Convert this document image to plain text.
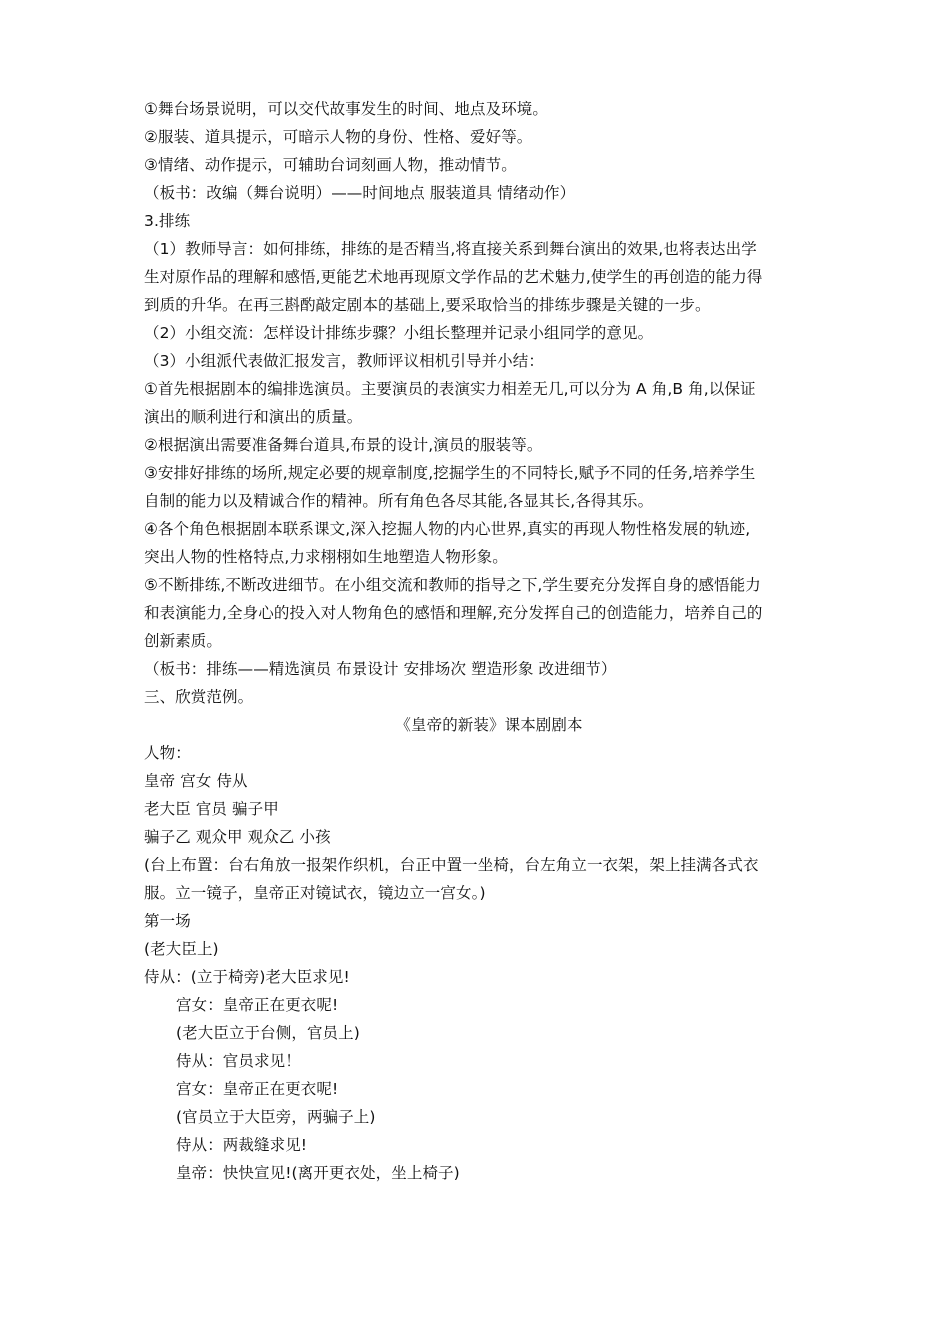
①舞台场景说明，可以交代故事发生的时间、地点及环境。
②服装、道具提示，可暗示人物的身份、性格、爱好等。
③情绪、动作提示，可辅助台词刻画人物，推动情节。
（板书：改编（舞台说明）——时间地点 服装道具 情绪动作）
3.排练
（1）教师导言：如何排练，排练的是否精当,将直接关系到舞台演出的效果,也将表达出学
生对原作品的理解和感悟,更能艺术地再现原文学作品的艺术魅力,使学生的再创造的能力得
到质的升华。在再三斟酌敲定剧本的基础上,要采取恰当的排练步骤是关键的一步。
（2）小组交流：怎样设计排练步骤？小组长整理并记录小组同学的意见。
（3）小组派代表做汇报发言，教师评议相机引导并小结：
①首先根据剧本的编排选演员。主要演员的表演实力相差无几,可以分为 A 角,B 角,以保证
演出的顺利进行和演出的质量。
②根据演出需要准备舞台道具,布景的设计,演员的服装等。
③安排好排练的场所,规定必要的规章制度,挖掘学生的不同特长,赋予不同的任务,培养学生
自制的能力以及精诚合作的精神。所有角色各尽其能,各显其长,各得其乐。
④各个角色根据剧本联系课文,深入挖掘人物的内心世界,真实的再现人物性格发展的轨迹,
突出人物的性格特点,力求栩栩如生地塑造人物形象。
⑤不断排练,不断改进细节。在小组交流和教师的指导之下,学生要充分发挥自身的感悟能力
和表演能力,全身心的投入对人物角色的感悟和理解,充分发挥自己的创造能力，培养自己的
创新素质。
（板书：排练——精选演员 布景设计 安排场次 塑造形象 改进细节）
三、欣赏范例。
《皇帝的新装》课本剧剧本
人物：
皇帝 宫女 侍从
老大臣 官员 骗子甲
骗子乙 观众甲 观众乙 小孩
(台上布置：台右角放一报架作织机，台正中置一坐椅，台左角立一衣架，架上挂满各式衣
服。立一镜子，皇帝正对镜试衣，镜边立一宫女。)
第一场
(老大臣上)
侍从：(立于椅旁)老大臣求见!
宫女：皇帝正在更衣呢!
(老大臣立于台侧，官员上)
侍从：官员求见！
宫女：皇帝正在更衣呢!
(官员立于大臣旁，两骗子上)
侍从：两裁缝求见!
皇帝：快快宣见!(离开更衣处，坐上椅子)
